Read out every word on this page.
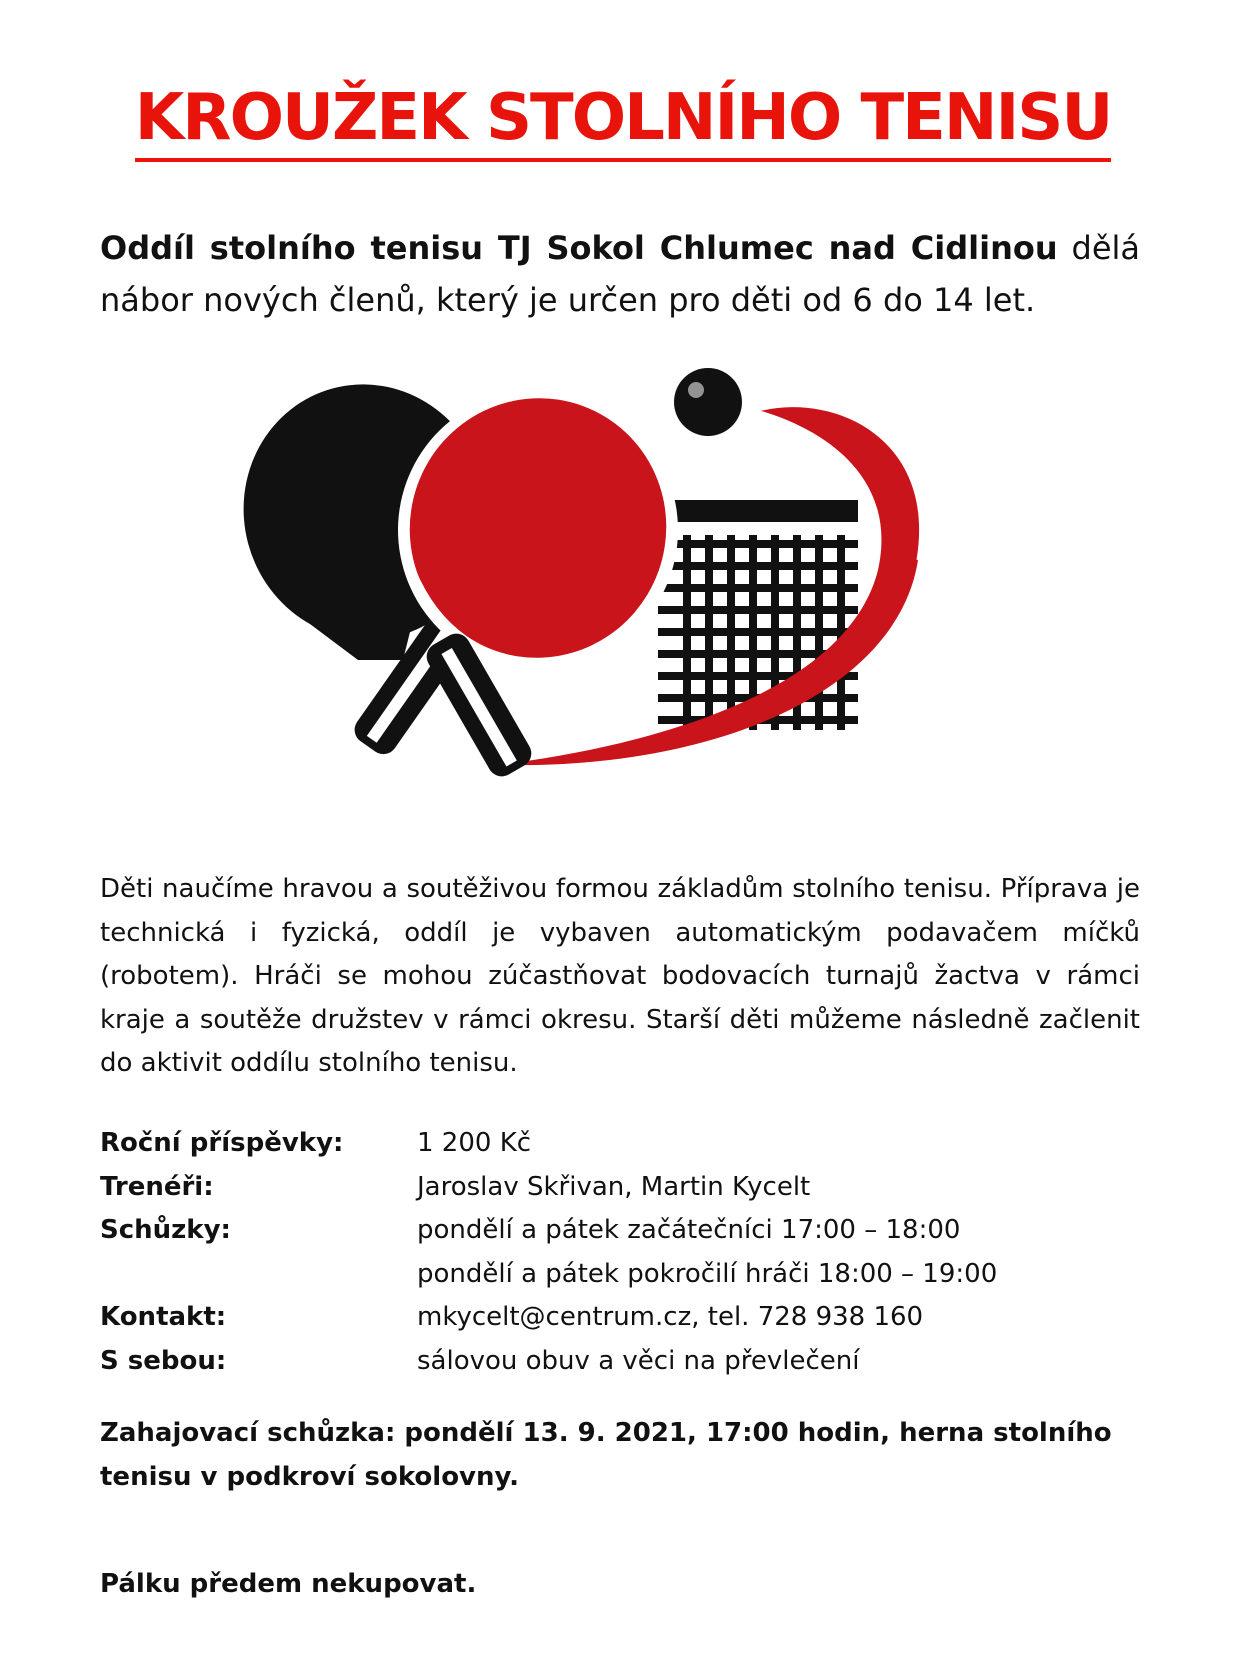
KROUŽEK STOLNÍHO TENISU

Oddíl stolního tenisu TJ Sokol Chlumec nad Cidlinou dělá nábor nových členů, který je určen pro děti od 6 do 14 let.

Děti naučíme hravou a soutěživou formou základům stolního tenisu. Příprava je technická i fyzická, oddíl je vybaven automatickým podavačem míčků (robotem). Hráči se mohou zúčastňovat bodovacích turnajů žactva v rámci kraje a soutěže družstev v rámci okresu. Starší děti můžeme následně začlenit do aktivit oddílu stolního tenisu.

Roční příspěvky:	1 200 Kč
Trenéři:	Jaroslav Skřivan, Martin Kycelt
Schůzky:	pondělí a pátek začátečníci 17:00 – 18:00
pondělí a pátek pokročilí hráči 18:00 – 19:00
Kontakt:	mkycelt@centrum.cz, tel. 728 938 160
S sebou:	sálovou obuv a věci na převlečení

Zahajovací schůzka: pondělí 13. 9. 2021, 17:00 hodin, herna stolního tenisu v podkroví sokolovny.

Pálku předem nekupovat.
